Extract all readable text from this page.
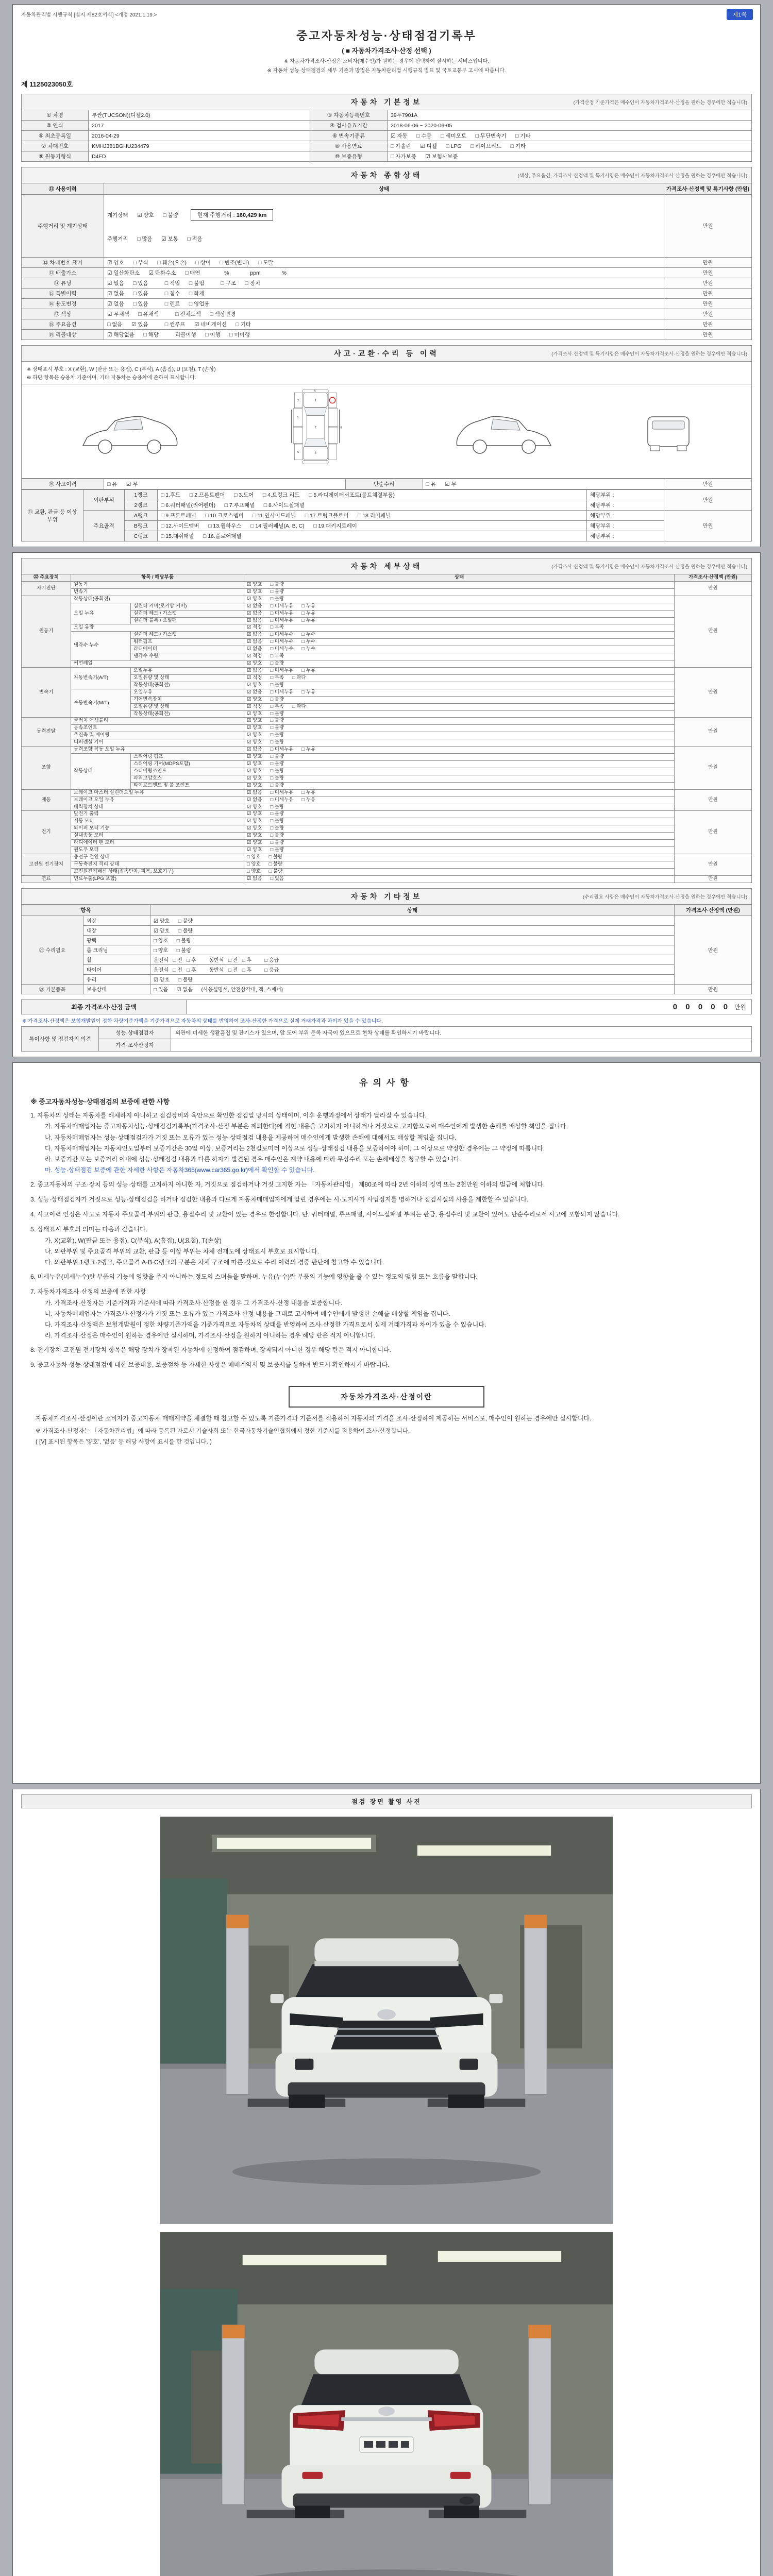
자동차관리법 시행규칙 [별지 제82호서식] <개정 2021.1.19.>	제1쪽
중고자동차성능·상태점검기록부
( ■ 자동차가격조사·산정 선택 )
※ 자동차가격조사·산정은 소비자(매수인)가 원하는 경우에 선택하여 실시하는 서비스입니다.
※ 자동차 성능·상태점검의 세부 기준과 방법은 자동차관리법 시행규칙 별표 및 국토교통부 고시에 따릅니다.
제 1125023050호
자동차 기본정보	(가격산정 기준가격은 매수인이 자동차가격조사·산정을 원하는 경우에만 적습니다)
① 차명	투싼(TUCSON)(디젤2.0)	③ 자동차등록번호	39두7901A
② 연식	2017	④ 검사유효기간	2018-06-06 ~ 2020-06-05
⑤ 최초등록일	2016-04-29	⑥ 변속기종류	☑ 자동      □ 수동      □ 세미오토      □ 무단변속기      □ 기타
⑦ 차대번호	KMHJ381BGHU234479	⑧ 사용연료	□ 가솔린      ☑ 디젤      □ LPG      □ 하이브리드      □ 기타
⑨ 원동기형식	D4FD	⑩ 보증유형	□ 자가보증      ☑ 보험사보증
자동차 종합상태	(색상, 주요옵션, 가격조사·산정액 및 특기사항은 매수인이 자동차가격조사·산정을 원하는 경우에만 적습니다)
⑪ 사용이력	상태	가격조사·산정액 및 특기사항 (만원)
주행거리 및 계기상태	계기상태      ☑ 양호      □ 불량 현재 주행거리 : 160,429 km

주행거리      □ 많음      ☑ 보통      □ 적음	만원
⑫ 차대번호 표기	☑ 양호      □ 부식      □ 훼손(오손)      □ 상이      □ 변조(변타)      □ 도말	만원
⑬ 배출가스	☑ 일산화탄소      ☑ 탄화수소      □ 매연                %              ppm              %	만원
⑭ 튜닝	☑ 없음      □ 있음           □ 적법      □ 불법           □ 구조      □ 장치	만원
⑮ 특별이력	☑ 없음      □ 있음           □ 침수      □ 화재	만원
⑯ 용도변경	☑ 없음      □ 있음           □ 렌트      □ 영업용	만원
⑰ 색상	☑ 무채색      □ 유채색           □ 전체도색      □ 색상변경	만원
⑱ 주요옵션	□ 없음      ☑ 있음           □ 썬루프      ☑ 네비게이션      □ 기타	만원
⑲ 리콜대상	☑ 해당없음      □ 해당           리콜이행      □ 이행      □ 미이행	만원
사고·교환·수리 등 이력	(가격조사·산정액 및 특기사항은 매수인이 자동차가격조사·산정을 원하는 경우에만 적습니다)
※ 상태표시 부호 : X (교환), W (판금 또는 용접), C (부식), A (흠집), U (요철), T (손상)
※ 하단 항목은 승용차 기준이며, 기타 자동차는 승용차에 준하여 표시합니다.
1
2
3
4
5
6
7	8
⑳ 사고이력	□ 유      ☑ 무	단순수리	□ 유      ☑ 무	만원
㉑ 교환, 판금 등 이상 부위	외판부위	1랭크	□ 1.후드      □ 2.프론트펜더      □ 3.도어      □ 4.트렁크 리드      □ 5.라디에이터서포트(볼트체결부품)	해당부위 :	만원
		2랭크	□ 6.쿼터패널(리어펜더)      □ 7.루프패널      □ 8.사이드실패널	해당부위 :	
	주요골격	A랭크	□ 9.프론트패널      □ 10.크로스멤버      □ 11.인사이드패널      □ 17.트렁크플로어      □ 18.리어패널	해당부위 :	만원
		B랭크	□ 12.사이드멤버      □ 13.휠하우스      □ 14.필러패널(A, B, C)      □ 19.패키지트레이	해당부위 :	
		C랭크	□ 15.대쉬패널      □ 16.플로어패널	해당부위 :	
자동차 세부상태	(가격조사·산정액 및 특기사항은 매수인이 자동차가격조사·산정을 원하는 경우에만 적습니다)
㉒ 주요장치	항목 / 해당부품		상태	가격조사·산정액 (만원)
자기진단	원동기		☑ 양호      □ 불량	만원
	변속기		☑ 양호      □ 불량	
원동기	작동상태(공회전)		☑ 양호      □ 불량	만원
	오일 누유	실린더 커버(로커암 커버)	☑ 없음      □ 미세누유      □ 누유	
		실린더 헤드 / 가스켓	☑ 없음      □ 미세누유      □ 누유	
		실린더 블록 / 오일팬	☑ 없음      □ 미세누유      □ 누유	
	오일 유량		☑ 적정      □ 부족	
	냉각수 누수	실린더 헤드 / 가스켓	☑ 없음      □ 미세누수      □ 누수	
		워터펌프	☑ 없음      □ 미세누수      □ 누수	
		라디에이터	☑ 없음      □ 미세누수      □ 누수	
		냉각수 수량	☑ 적정      □ 부족	
	커먼레일		☑ 양호      □ 불량	
변속기	자동변속기(A/T)	오일누유	☑ 없음      □ 미세누유      □ 누유	만원
		오일유량 및 상태	☑ 적정      □ 부족      □ 과다	
		작동상태(공회전)	☑ 양호      □ 불량	
	수동변속기(M/T)	오일누유	☑ 없음      □ 미세누유      □ 누유	
		기어변속장치	☑ 양호      □ 불량	
		오일유량 및 상태	☑ 적정      □ 부족      □ 과다	
		작동상태(공회전)	☑ 양호      □ 불량	
동력전달	클러치 어셈블리		☑ 양호      □ 불량	만원
	등속조인트		☑ 양호      □ 불량	
	추진축 및 베어링		☑ 양호      □ 불량	
	디퍼렌셜 기어		☑ 양호      □ 불량	
조향	동력조향 작동 오일 누유		☑ 없음      □ 미세누유      □ 누유	만원
	작동상태	스티어링 펌프	☑ 양호      □ 불량	
		스티어링 기어(MDPS포함)	☑ 양호      □ 불량	
		스티어링조인트	☑ 양호      □ 불량	
		파워고압호스	☑ 양호      □ 불량	
		타이로드엔드 및 볼 조인트	☑ 양호      □ 불량	
제동	브레이크 마스터 실린더오일 누유		☑ 없음      □ 미세누유      □ 누유	만원
	브레이크 오일 누유		☑ 없음      □ 미세누유      □ 누유	
	배력장치 상태		☑ 양호      □ 불량	
전기	발전기 출력		☑ 양호      □ 불량	만원
	시동 모터		☑ 양호      □ 불량	
	와이퍼 모터 기능		☑ 양호      □ 불량	
	실내송풍 모터		☑ 양호      □ 불량	
	라디에이터 팬 모터		☑ 양호      □ 불량	
	윈도우 모터		☑ 양호      □ 불량	
고전원 전기장치	충전구 절연 상태		□ 양호      □ 불량	만원
	구동축전지 격리 상태		□ 양호      □ 불량	
	고전원전기배선 상태(접속단자, 피복, 보호기구)		□ 양호      □ 불량	
연료	연료누출(LPG 포함)		☑ 없음      □ 있음	만원
자동차 기타정보	(수리필요 사항은 매수인이 자동차가격조사·산정을 원하는 경우에만 적습니다)
항목		상태	가격조사·산정액 (만원)
㉓ 수리필요	외장	☑ 양호      □ 불량	만원
	내장	☑ 양호      □ 불량	
	광택	□ 양호      □ 불량	
	룸 크리닝	□ 양호      □ 불량	
	휠	운전석   □ 전   □ 후         동반석   □ 전   □ 후         □ 응급	
	타이어	운전석   □ 전   □ 후         동반석   □ 전   □ 후         □ 응급	
	유리	☑ 양호      □ 불량	
㉔ 기본품목	보유상태	□ 있음      ☑ 없음      (사용설명서, 안전삼각대, 잭, 스패너)	만원
최종 가격조사·산정 금액	0 0 0 0 0 만원
※ 가격조사·산정액은 보험개발원이 정한 차량기준가액을 기준가격으로 자동차의 상태를 반영하여 조사·산정한 가격으로 실제 거래가격과 차이가 있을 수 있습니다.
특이사항 및 점검자의 의견	성능·상태점검자	외관에 미세한 생활흠집 및 잔기스가 있으며, 앞 도어 부위 문콕 자국이 있으므로 현차 상태를 확인하시기 바랍니다.
	가격·조사산정자	
유의사항
※ 중고자동차성능·상태점검의 보증에 관한 사항
1. 자동차의 상태는 자동차를 해체하지 아니하고 점검장비와 육안으로 확인한 점검일 당시의 상태이며, 이후 운행과정에서 상태가 달라질 수 있습니다.
가. 자동차매매업자는 중고자동차성능·상태점검기록부(가격조사·산정 부분은 제외한다)에 적힌 내용을 고지하지 아니하거나 거짓으로 고지함으로써 매수인에게 발생한 손해를 배상할 책임을 집니다.
나. 자동차매매업자는 성능·상태점검자가 거짓 또는 오류가 있는 성능·상태점검 내용을 제공하여 매수인에게 발생한 손해에 대해서도 배상할 책임을 집니다.
다. 자동차매매업자는 자동차인도일부터 보증기간은 30일 이상, 보증거리는 2천킬로미터 이상으로 성능·상태점검 내용을 보증하여야 하며, 그 이상으로 약정한 경우에는 그 약정에 따릅니다.
라. 보증기간 또는 보증거리 이내에 성능·상태점검 내용과 다른 하자가 발견된 경우 매수인은 계약 내용에 따라 무상수리 또는 손해배상을 청구할 수 있습니다.
마. 성능·상태점검 보증에 관한 자세한 사항은 자동차365(www.car365.go.kr)에서 확인할 수 있습니다.
2. 중고자동차의 구조·장치 등의 성능·상태를 고지하지 아니한 자, 거짓으로 점검하거나 거짓 고지한 자는 「자동차관리법」 제80조에 따라 2년 이하의 징역 또는 2천만원 이하의 벌금에 처합니다.
3. 성능·상태점검자가 거짓으로 성능·상태점검을 하거나 점검한 내용과 다르게 자동차매매업자에게 알린 경우에는 시·도지사가 사업정지를 명하거나 점검시설의 사용을 제한할 수 있습니다.
4. 사고이력 인정은 사고로 자동차 주요골격 부위의 판금, 용접수리 및 교환이 있는 경우로 한정합니다. 단, 쿼터패널, 루프패널, 사이드실패널 부위는 판금, 용접수리 및 교환이 있어도 단순수리로서 사고에 포함되지 않습니다.
5. 상태표시 부호의 의미는 다음과 같습니다.
가. X(교환), W(판금 또는 용접), C(부식), A(흠집), U(요철), T(손상)
나. 외판부위 및 주요골격 부위의 교환, 판금 등 이상 부위는 차체 전개도에 상태표시 부호로 표시합니다.
다. 외판부위 1랭크·2랭크, 주요골격 A·B·C랭크의 구분은 차체 구조에 따른 것으로 수리 이력의 경중 판단에 참고할 수 있습니다.
6. 미세누유(미세누수)란 부품의 기능에 영향을 주지 아니하는 정도의 스며듦을 말하며, 누유(누수)란 부품의 기능에 영향을 줄 수 있는 정도의 맺힘 또는 흐름을 말합니다.
7. 자동차가격조사·산정의 보증에 관한 사항
가. 가격조사·산정자는 기준가격과 기준서에 따라 가격조사·산정을 한 경우 그 가격조사·산정 내용을 보증합니다.
나. 자동차매매업자는 가격조사·산정자가 거짓 또는 오류가 있는 가격조사·산정 내용을 그대로 고지하여 매수인에게 발생한 손해를 배상할 책임을 집니다.
다. 가격조사·산정액은 보험개발원이 정한 차량기준가액을 기준가격으로 자동차의 상태를 반영하여 조사·산정한 가격으로서 실제 거래가격과 차이가 있을 수 있습니다.
라. 가격조사·산정은 매수인이 원하는 경우에만 실시하며, 가격조사·산정을 원하지 아니하는 경우 해당 란은 적지 아니합니다.
8. 전기장치·고전원 전기장치 항목은 해당 장치가 장착된 자동차에 한정하여 점검하며, 장착되지 아니한 경우 해당 란은 적지 아니합니다.
9. 중고자동차 성능·상태점검에 대한 보증내용, 보증절차 등 자세한 사항은 매매계약서 및 보증서를 통하여 반드시 확인하시기 바랍니다.
자동차가격조사·산정이란
자동차가격조사·산정이란 소비자가 중고자동차 매매계약을 체결할 때 참고할 수 있도록 기준가격과 기준서를 적용하여 자동차의 가격을 조사·산정하여 제공하는 서비스로, 매수인이 원하는 경우에만 실시합니다.
※ 가격조사·산정자는 「자동차관리법」에 따라 등록된 자로서 기술사회 또는 한국자동차기술인협회에서 정한 기준서를 적용하여 조사·산정합니다.
( [V] 표시된 항목은 '양호', '없음' 등 해당 사항에 표시를 한 것입니다. )
점검 장면 촬영 사진
